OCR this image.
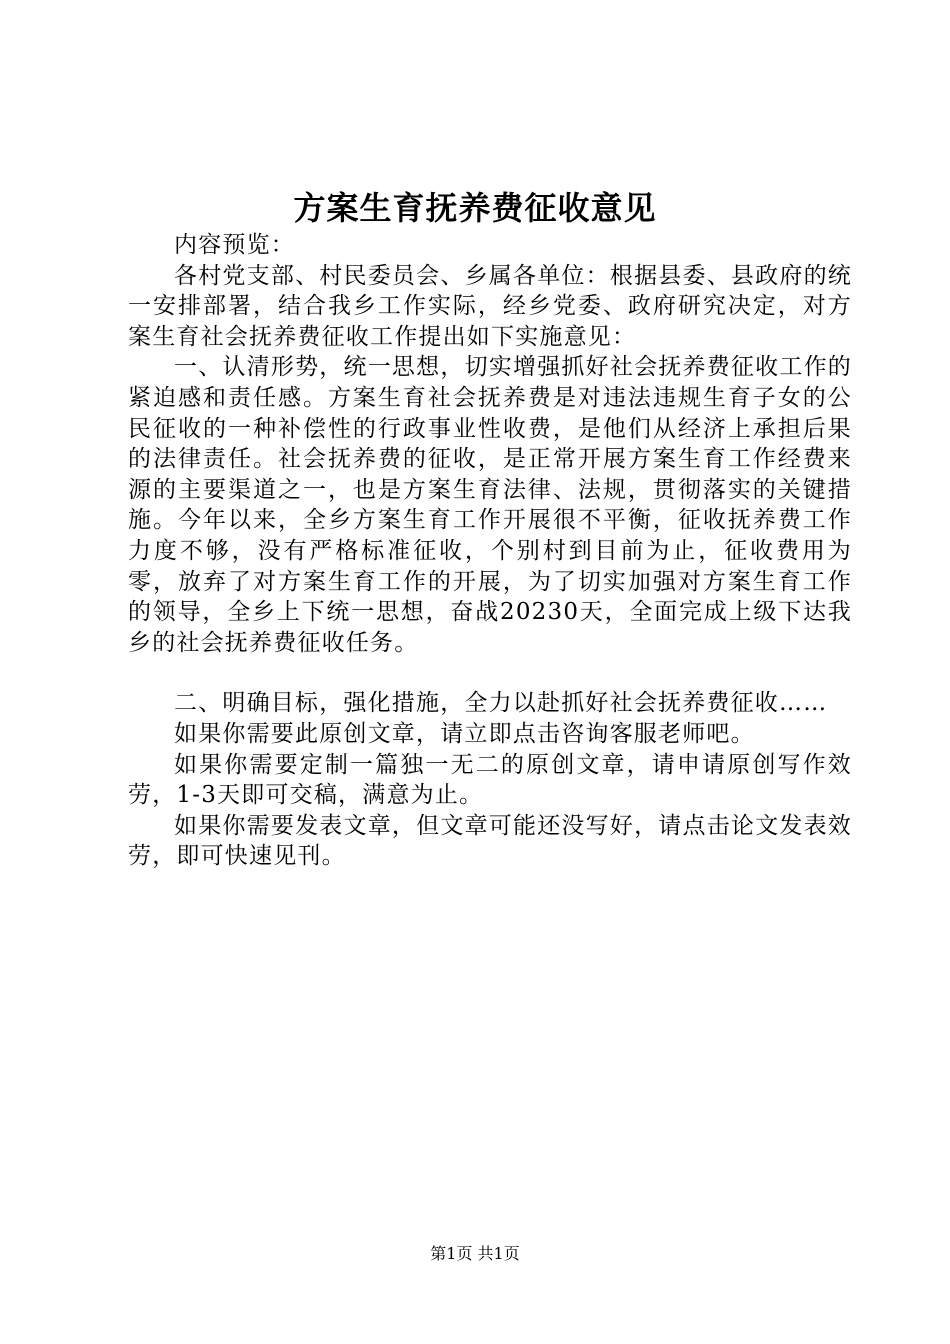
方案生育抚养费征收意见

内容预览：

各村党支部、村民委员会、乡属各单位：根据县委、县政府的统一安排部署，结合我乡工作实际，经乡党委、政府研究决定，对方案生育社会抚养费征收工作提出如下实施意见：

一、认清形势，统一思想，切实增强抓好社会抚养费征收工作的紧迫感和责任感。方案生育社会抚养费是对违法违规生育子女的公民征收的一种补偿性的行政事业性收费，是他们从经济上承担后果的法律责任。社会抚养费的征收，是正常开展方案生育工作经费来源的主要渠道之一，也是方案生育法律、法规，贯彻落实的关键措施。今年以来，全乡方案生育工作开展很不平衡，征收抚养费工作力度不够，没有严格标准征收，个别村到目前为止，征收费用为零，放弃了对方案生育工作的开展，为了切实加强对方案生育工作的领导，全乡上下统一思想，奋战20230天，全面完成上级下达我乡的社会抚养费征收任务。

二、明确目标，强化措施，全力以赴抓好社会抚养费征收……

如果你需要此原创文章，请立即点击咨询客服老师吧。

如果你需要定制一篇独一无二的原创文章，请申请原创写作效劳，1-3天即可交稿，满意为止。

如果你需要发表文章，但文章可能还没写好，请点击论文发表效劳，即可快速见刊。

第1页 共1页
